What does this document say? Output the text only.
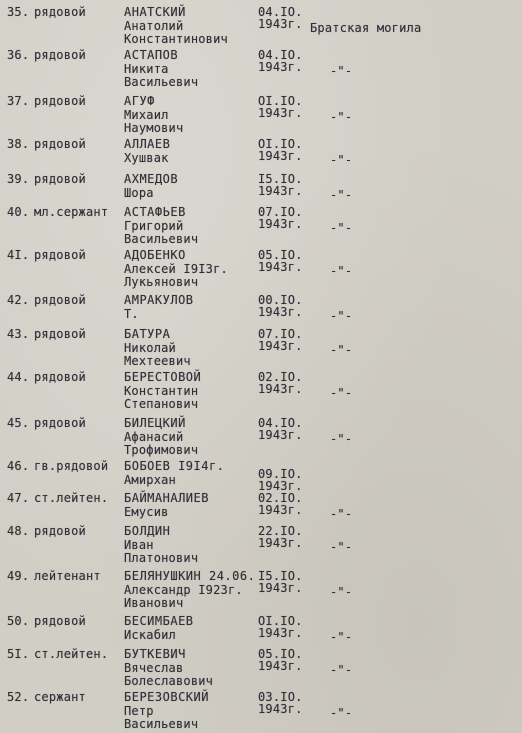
35. рядовой	АНАТСКИЙ
Анатолий
Константинович
04.IO.
1943г. Братская могила
36. рядовой	АСТАПОВ
Никита
Васильевич
04.IO.
1943г. -"-
37. рядовой	АГУФ
Михаил
Наумович
OI.IO.
1943г. -"-
38. рядовой	АЛЛАЕВ
Хушвак
OI.IO.
1943г. -"-
39. рядовой	АХМЕДОВ
Шора
I5.IO.
1943г. -"-
40. мл.сержант АСТАФЬЕВ
Григорий
Васильевич
07.IO.
1943г. -"-
4I. рядовой	АДОБЕНКО
Алексей I9I3г.
Лукьянович
05.IO.
1943г. -"-
42. рядовой	АМРАКУЛОВ
Т.
00.IO.
1943г. -"-
43. рядовой	БАТУРА
Николай
Мехтеевич
07.IO.
1943г. -"-
44. рядовой	БЕРЕСТОВОЙ
Константин
Степанович
02.IO.
1943г. -"-
45. рядовой	БИЛЕЦКИЙ
Афанасий
Трофимович
04.IO.
1943г. -"-
46. гв.рядовой БОБОЕВ I9I4г.
Амирхан	09.IO.
1943г.
47. ст.лейтен. БАЙМАНАЛИЕВ
Емусив
02.IO.
1943г. -"-
48. рядовой	БОЛДИН
Иван
Платонович
22.IO.
1943г. -"-
49. лейтенант БЕЛЯНУШКИН 24.06.
Александр I923г.
Иванович
I5.IO.
1943г. -"-
50. рядовой	БЕСИМБАЕВ
Искабил
OI.IO.
1943г. -"-
5I. ст.лейтен. БУТКЕВИЧ
Вячеслав
Болеславович
05.IO.
1943г. -"-
52. сержант	БЕРЕЗОВСКИЙ
Петр
Васильевич
03.IO.
1943г. -"-
